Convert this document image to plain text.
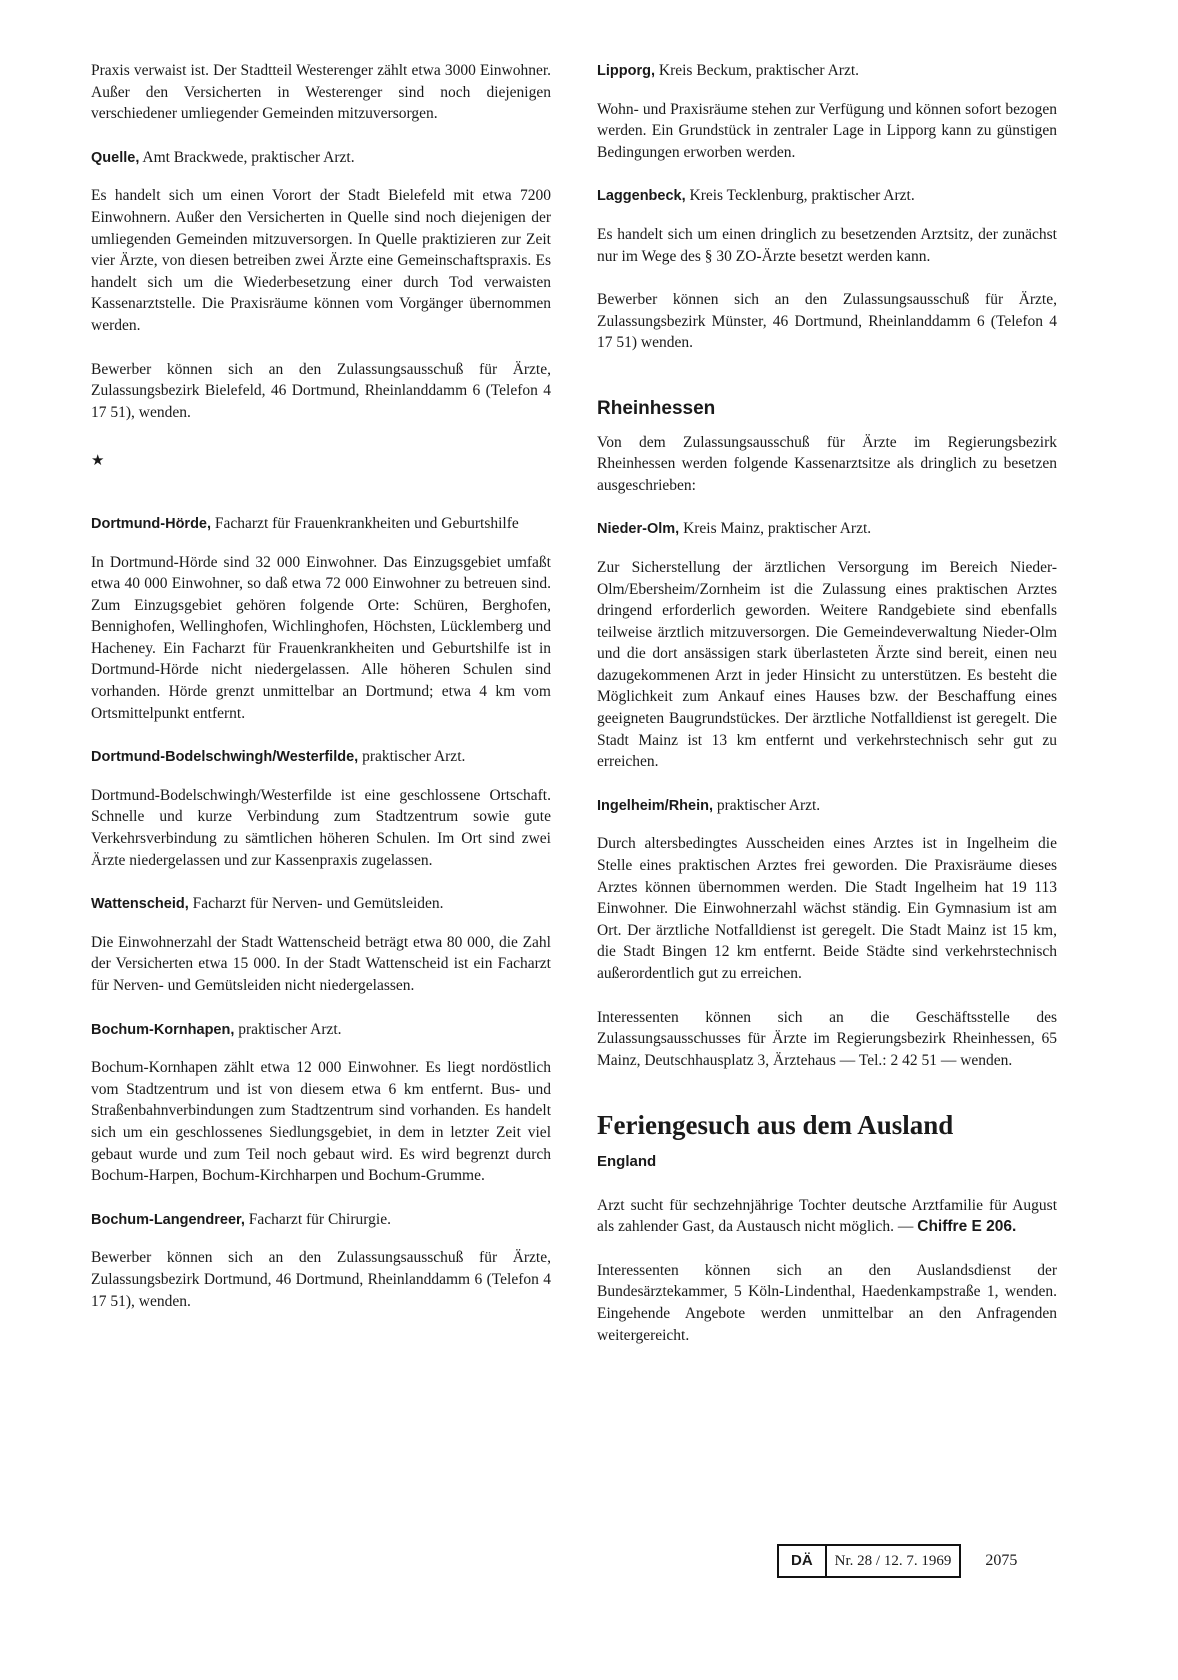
Praxis verwaist ist. Der Stadtteil Westerenger zählt etwa 3000 Einwohner. Außer den Versicherten in Westerenger sind noch diejenigen verschiedener umliegender Gemeinden mitzuversorgen.

Quelle, Amt Brackwede, praktischer Arzt.

Es handelt sich um einen Vorort der Stadt Bielefeld mit etwa 7200 Einwohnern. Außer den Versicherten in Quelle sind noch diejenigen der umliegenden Gemeinden mitzuversorgen. In Quelle praktizieren zur Zeit vier Ärzte, von diesen betreiben zwei Ärzte eine Gemeinschaftspraxis. Es handelt sich um die Wiederbesetzung einer durch Tod verwaisten Kassenarztstelle. Die Praxisräume können vom Vorgänger übernommen werden.

Bewerber können sich an den Zulassungsausschuß für Ärzte, Zulassungsbezirk Bielefeld, 46 Dortmund, Rheinlanddamm 6 (Telefon 4 17 51), wenden.

★
Dortmund-Hörde, Facharzt für Frauenkrankheiten und Geburtshilfe

In Dortmund-Hörde sind 32 000 Einwohner. Das Einzugsgebiet umfaßt etwa 40 000 Einwohner, so daß etwa 72 000 Einwohner zu betreuen sind. Zum Einzugsgebiet gehören folgende Orte: Schüren, Berghofen, Bennighofen, Wellinghofen, Wichlinghofen, Höchsten, Lücklemberg und Hacheney. Ein Facharzt für Frauenkrankheiten und Geburtshilfe ist in Dortmund-Hörde nicht niedergelassen. Alle höheren Schulen sind vorhanden. Hörde grenzt unmittelbar an Dortmund; etwa 4 km vom Ortsmittelpunkt entfernt.

Dortmund-Bodelschwingh/Westerfilde, praktischer Arzt.

Dortmund-Bodelschwingh/Westerfilde ist eine geschlossene Ortschaft. Schnelle und kurze Verbindung zum Stadtzentrum sowie gute Verkehrsverbindung zu sämtlichen höheren Schulen. Im Ort sind zwei Ärzte niedergelassen und zur Kassenpraxis zugelassen.

Wattenscheid, Facharzt für Nerven- und Gemütsleiden.

Die Einwohnerzahl der Stadt Wattenscheid beträgt etwa 80 000, die Zahl der Versicherten etwa 15 000. In der Stadt Wattenscheid ist ein Facharzt für Nerven- und Gemütsleiden nicht niedergelassen.

Bochum-Kornhapen, praktischer Arzt.

Bochum-Kornhapen zählt etwa 12 000 Einwohner. Es liegt nordöstlich vom Stadtzentrum und ist von diesem etwa 6 km entfernt. Bus- und Straßenbahnverbindungen zum Stadtzentrum sind vorhanden. Es handelt sich um ein geschlossenes Siedlungsgebiet, in dem in letzter Zeit viel gebaut wurde und zum Teil noch gebaut wird. Es wird begrenzt durch Bochum-Harpen, Bochum-Kirchharpen und Bochum-Grumme.

Bochum-Langendreer, Facharzt für Chirurgie.

Bewerber können sich an den Zulassungsausschuß für Ärzte, Zulassungsbezirk Dortmund, 46 Dortmund, Rheinlanddamm 6 (Telefon 4 17 51), wenden.

Lipporg, Kreis Beckum, praktischer Arzt.

Wohn- und Praxisräume stehen zur Verfügung und können sofort bezogen werden. Ein Grundstück in zentraler Lage in Lipporg kann zu günstigen Bedingungen erworben werden.

Laggenbeck, Kreis Tecklenburg, praktischer Arzt.

Es handelt sich um einen dringlich zu besetzenden Arztsitz, der zunächst nur im Wege des § 30 ZO-Ärzte besetzt werden kann.

Bewerber können sich an den Zulassungsausschuß für Ärzte, Zulassungsbezirk Münster, 46 Dortmund, Rheinlanddamm 6 (Telefon 4 17 51) wenden.

Rheinhessen

Von dem Zulassungsausschuß für Ärzte im Regierungsbezirk Rheinhessen werden folgende Kassenarztsitze als dringlich zu besetzen ausgeschrieben:

Nieder-Olm, Kreis Mainz, praktischer Arzt.

Zur Sicherstellung der ärztlichen Versorgung im Bereich Nieder-Olm/Ebersheim/Zornheim ist die Zulassung eines praktischen Arztes dringend erforderlich geworden. Weitere Randgebiete sind ebenfalls teilweise ärztlich mitzuversorgen. Die Gemeindeverwaltung Nieder-Olm und die dort ansässigen stark überlasteten Ärzte sind bereit, einen neu dazugekommenen Arzt in jeder Hinsicht zu unterstützen. Es besteht die Möglichkeit zum Ankauf eines Hauses bzw. der Beschaffung eines geeigneten Baugrundstückes. Der ärztliche Notfalldienst ist geregelt. Die Stadt Mainz ist 13 km entfernt und verkehrstechnisch sehr gut zu erreichen.

Ingelheim/Rhein, praktischer Arzt.

Durch altersbedingtes Ausscheiden eines Arztes ist in Ingelheim die Stelle eines praktischen Arztes frei geworden. Die Praxisräume dieses Arztes können übernommen werden. Die Stadt Ingelheim hat 19 113 Einwohner. Die Einwohnerzahl wächst ständig. Ein Gymnasium ist am Ort. Der ärztliche Notfalldienst ist geregelt. Die Stadt Mainz ist 15 km, die Stadt Bingen 12 km entfernt. Beide Städte sind verkehrstechnisch außerordentlich gut zu erreichen.

Interessenten können sich an die Geschäftsstelle des Zulassungsausschusses für Ärzte im Regierungsbezirk Rheinhessen, 65 Mainz, Deutschhausplatz 3, Ärztehaus — Tel.: 2 42 51 — wenden.

Feriengesuch aus dem Ausland
England

Arzt sucht für sechzehnjährige Tochter deutsche Arztfamilie für August als zahlender Gast, da Austausch nicht möglich. — Chiffre E 206.

Interessenten können sich an den Auslandsdienst der Bundesärztekammer, 5 Köln-Lindenthal, Haedenkampstraße 1, wenden. Eingehende Angebote werden unmittelbar an den Anfragenden weitergereicht.

DÄ	Nr. 28 / 12. 7. 1969	2075
